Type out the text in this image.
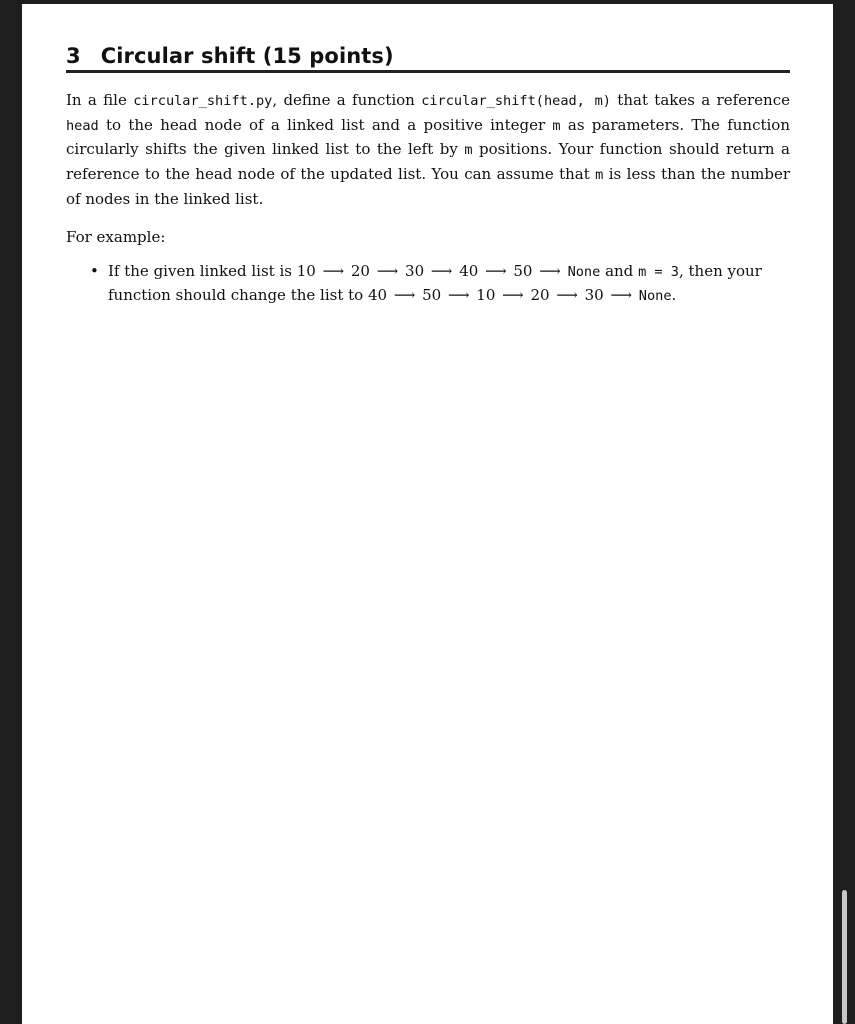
3 Circular shift (15 points)
In a file circular_shift.py, define a function circular_shift(head, m) that takes a reference head to the head node of a linked list and a positive integer m as parameters. The function circularly shifts the given linked list to the left by m positions. Your function should return a reference to the head node of the updated list. You can assume that m is less than the number of nodes in the linked list.
For example:
• If the given linked list is 10 ⟶ 20 ⟶ 30 ⟶ 40 ⟶ 50 ⟶ None and m = 3, then your function should change the list to 40 ⟶ 50 ⟶ 10 ⟶ 20 ⟶ 30 ⟶ None.
